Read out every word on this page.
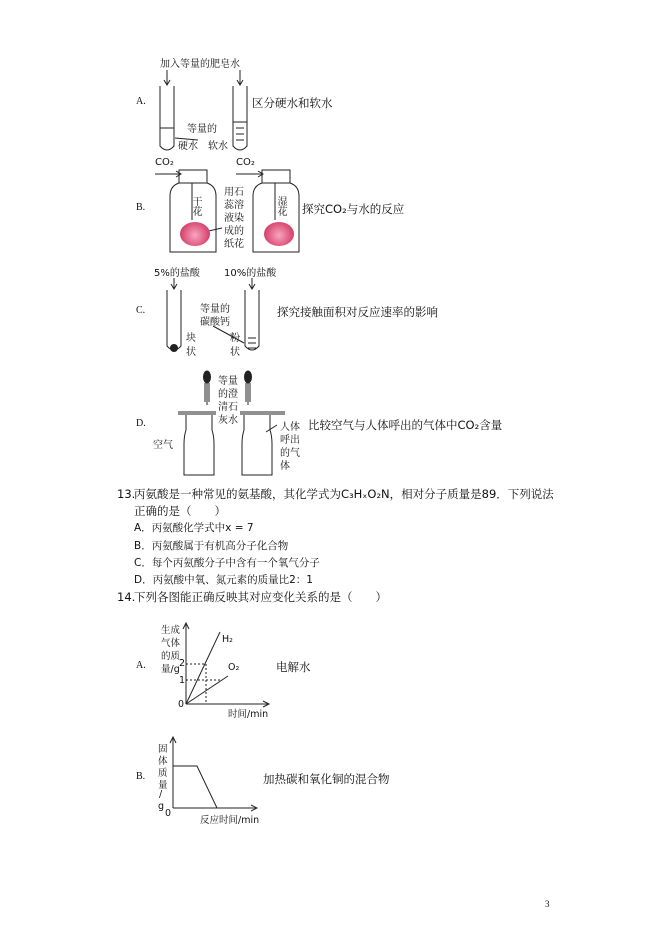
A.
加入等量的肥皂水
等量的
硬水 软水
区分硬水和软水
B.
CO₂	CO₂
干花	湿花
用石
蕊溶
液染
成的
纸花
探究CO₂与水的反应
C.
5%的盐酸 10%的盐酸
等量的
碳酸钙
块
状
粉
状
探究接触面积对反应速率的影响
D.
等量
的澄
清石
灰水
空气
人体
呼出
的气
体
比较空气与人体呼出的气体中CO₂含量
13.
丙氨酸是一种常见的氨基酸，其化学式为C₃HₓO₂N，相对分子质量是89．下列说法
正确的是（　　）
A．丙氨酸化学式中x = 7
B．丙氨酸属于有机高分子化合物
C．每个丙氨酸分子中含有一个氧气分子
D．丙氨酸中氧、氮元素的质量比2：1
14.
下列各图能正确反映其对应变化关系的是（　　）
A.
生成
气体
的质
量/g
2
1
0
H₂
O₂
时间/min
电解水
B.
固
体
质
量
/
g
0
反应时间/min
加热碳和氧化铜的混合物
3
